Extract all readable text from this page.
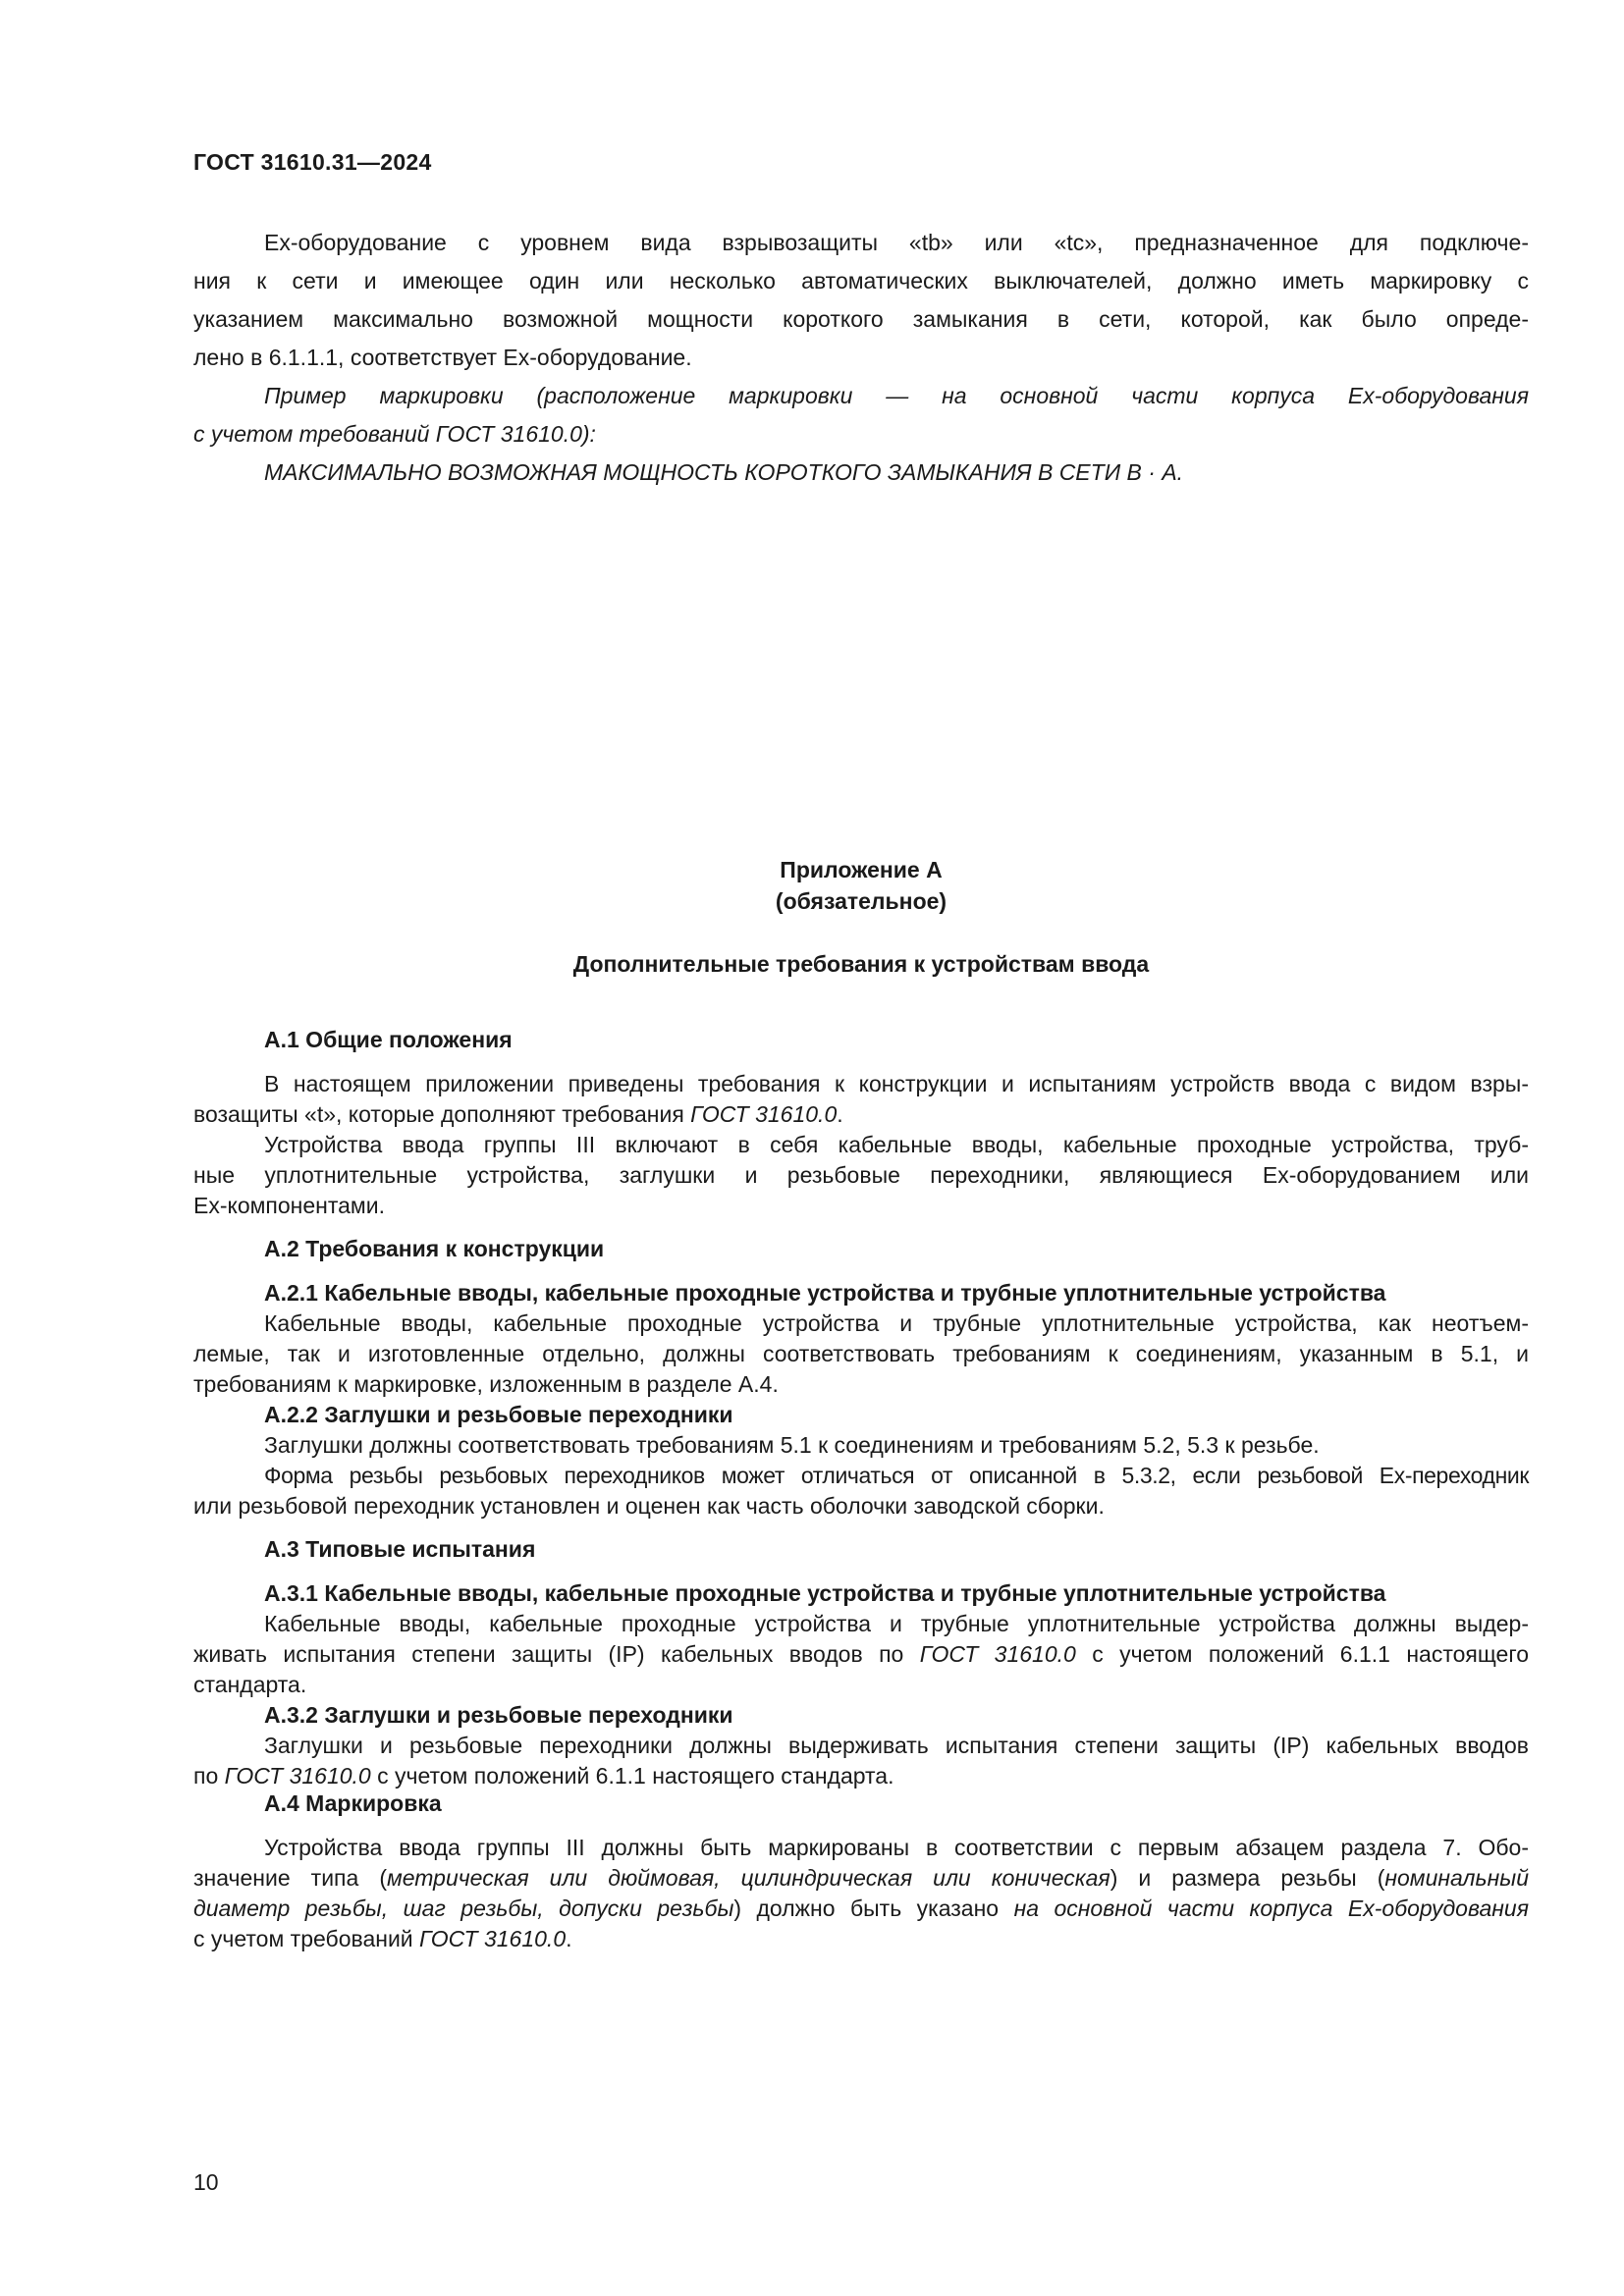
ГОСТ 31610.31—2024

Ex-оборудование с уровнем вида взрывозащиты «tb» или «tc», предназначенное для подключе-

ния к сети и имеющее один или несколько автоматических выключателей, должно иметь маркировку с

указанием максимально возможной мощности короткого замыкания в сети, которой, как было опреде-

лено в 6.1.1.1, соответствует Ex-оборудование.

Пример маркировки (расположение маркировки — на основной части корпуса Ex-оборудования

с учетом требований ГОСТ 31610.0):

МАКСИМАЛЬНО ВОЗМОЖНАЯ МОЩНОСТЬ КОРОТКОГО ЗАМЫКАНИЯ В СЕТИ В · А.

Приложение А

(обязательное)

Дополнительные требования к устройствам ввода

А.1 Общие положения

В настоящем приложении приведены требования к конструкции и испытаниям устройств ввода с видом взры-

возащиты «t», которые дополняют требования ГОСТ 31610.0.

Устройства ввода группы III включают в себя кабельные вводы, кабельные проходные устройства, труб-

ные уплотнительные устройства, заглушки и резьбовые переходники, являющиеся Ex-оборудованием или

Ex-компонентами.

А.2 Требования к конструкции

А.2.1 Кабельные вводы, кабельные проходные устройства и трубные уплотнительные устройства

Кабельные вводы, кабельные проходные устройства и трубные уплотнительные устройства, как неотъем-

лемые, так и изготовленные отдельно, должны соответствовать требованиям к соединениям, указанным в 5.1, и

требованиям к маркировке, изложенным в разделе А.4.

А.2.2 Заглушки и резьбовые переходники

Заглушки должны соответствовать требованиям 5.1 к соединениям и требованиям 5.2, 5.3 к резьбе.

Форма резьбы резьбовых переходников может отличаться от описанной в 5.3.2, если резьбовой Ex-переходник

или резьбовой переходник установлен и оценен как часть оболочки заводской сборки.

А.3 Типовые испытания

А.3.1 Кабельные вводы, кабельные проходные устройства и трубные уплотнительные устройства

Кабельные вводы, кабельные проходные устройства и трубные уплотнительные устройства должны выдер-

живать испытания степени защиты (IP) кабельных вводов по ГОСТ 31610.0 с учетом положений 6.1.1 настоящего

стандарта.

А.3.2 Заглушки и резьбовые переходники

Заглушки и резьбовые переходники должны выдерживать испытания степени защиты (IP) кабельных вводов

по ГОСТ 31610.0 с учетом положений 6.1.1 настоящего стандарта.

А.4 Маркировка

Устройства ввода группы III должны быть маркированы в соответствии с первым абзацем раздела 7. Обо-

значение типа (метрическая или дюймовая, цилиндрическая или коническая) и размера резьбы (номинальный

диаметр резьбы, шаг резьбы, допуски резьбы) должно быть указано на основной части корпуса Ex-оборудования

с учетом требований ГОСТ 31610.0.

10
